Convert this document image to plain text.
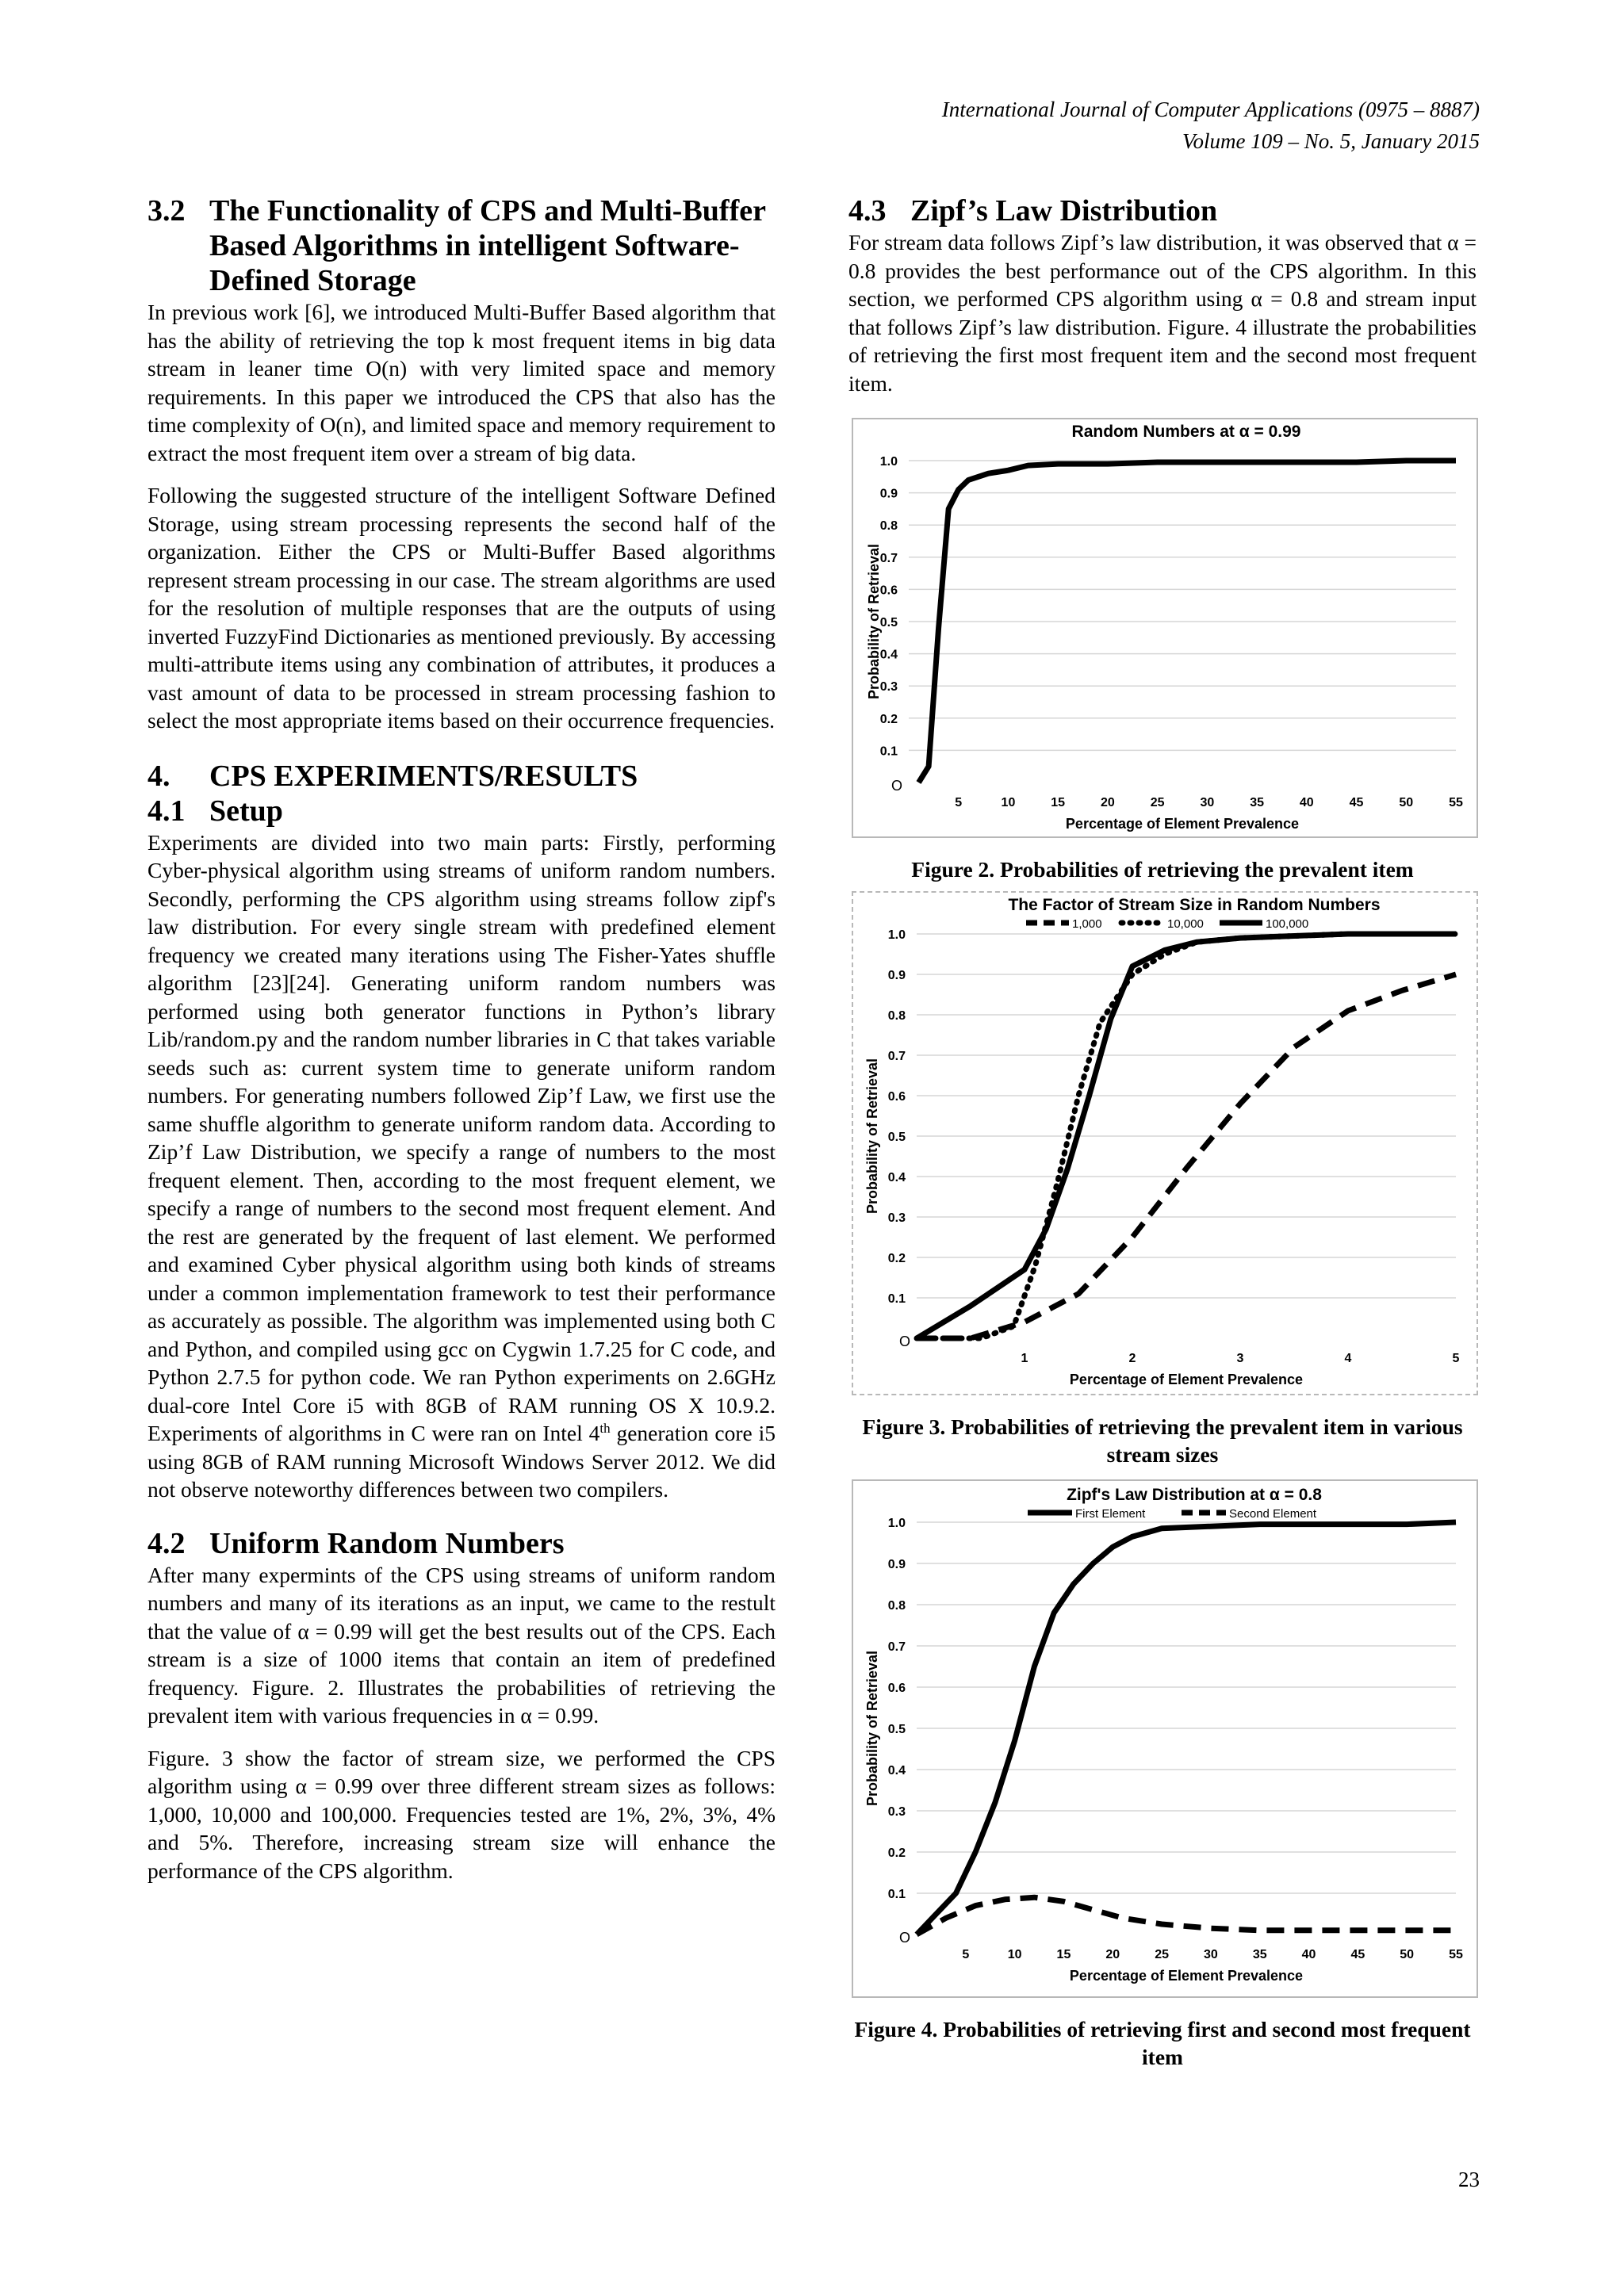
International Journal of Computer Applications (0975 – 8887)
Volume 109 – No. 5, January 2015
3.2 The Functionality of CPS and Multi-Buffer Based Algorithms in intelligent Software-Defined Storage

In previous work [6], we introduced Multi-Buffer Based algorithm that has the ability of retrieving the top k most frequent items in big data stream in leaner time O(n) with very limited space and memory requirements. In this paper we introduced the CPS that also has the time complexity of O(n), and limited space and memory requirement to extract the most frequent item over a stream of big data.

Following the suggested structure of the intelligent Software Defined Storage, using stream processing represents the second half of the organization. Either the CPS or Multi-Buffer Based algorithms represent stream processing in our case. The stream algorithms are used for the resolution of multiple responses that are the outputs of using inverted FuzzyFind Dictionaries as mentioned previously. By accessing multi-attribute items using any combination of attributes, it produces a vast amount of data to be processed in stream processing fashion to select the most appropriate items based on their occurrence frequencies.

4. CPS EXPERIMENTS/RESULTS
4.1 Setup

Experiments are divided into two main parts: Firstly, performing Cyber-physical algorithm using streams of uniform random numbers. Secondly, performing the CPS algorithm using streams follow zipf's law distribution. For every single stream with predefined element frequency we created many iterations using The Fisher-Yates shuffle algorithm [23][24]. Generating uniform random numbers was performed using both generator functions in Python’s library Lib/random.py and the random number libraries in C that takes variable seeds such as: current system time to generate uniform random numbers. For generating numbers followed Zip’f Law, we first use the same shuffle algorithm to generate uniform random data. According to Zip’f Law Distribution, we specify a range of numbers to the most frequent element. Then, according to the most frequent element, we specify a range of numbers to the second most frequent element. And the rest are generated by the frequent of last element. We performed and examined Cyber physical algorithm using both kinds of streams under a common implementation framework to test their performance as accurately as possible. The algorithm was implemented using both C and Python, and compiled using gcc on Cygwin 1.7.25 for C code, and Python 2.7.5 for python code. We ran Python experiments on 2.6GHz dual-core Intel Core i5 with 8GB of RAM running OS X 10.9.2. Experiments of algorithms in C were ran on Intel 4th generation core i5 using 8GB of RAM running Microsoft Windows Server 2012. We did not observe noteworthy differences between two compilers.

4.2 Uniform Random Numbers

After many expermints of the CPS using streams of uniform random numbers and many of its iterations as an input, we came to the restult that the value of α = 0.99 will get the best results out of the CPS. Each stream is a size of 1000 items that contain an item of predefined frequency. Figure. 2. Illustrates the probabilities of retrieving the prevalent item with various frequencies in α = 0.99.

Figure. 3 show the factor of stream size, we performed the CPS algorithm using α = 0.99 over three different stream sizes as follows: 1,000, 10,000 and 100,000. Frequencies tested are 1%, 2%, 3%, 4% and 5%. Therefore, increasing stream size will enhance the performance of the CPS algorithm.

4.3 Zipf’s Law Distribution

For stream data follows Zipf’s law distribution, it was observed that α = 0.8 provides the best performance out of the CPS algorithm. In this section, we performed CPS algorithm using α = 0.8 and stream input that follows Zipf’s law distribution. Figure. 4 illustrate the probabilities of retrieving the first most frequent item and the second most frequent item.

0.1
0.2
0.3
0.4
0.5
0.6
0.7
0.8
0.9
1.0
5	10	15	20	25	30	35	40	45	50	55
O
Random Numbers at α = 0.99
Percentage of Element Prevalence
Probability of Retrieval
Figure 2. Probabilities of retrieving the prevalent item
0.1
0.2
0.3
0.4
0.5
0.6
0.7
0.8
0.9
1.0
1	2	3	4	5
O
The Factor of Stream Size in Random Numbers
Percentage of Element Prevalence
Probability of Retrieval
1,000	10,000	100,000
Figure 3. Probabilities of retrieving the prevalent item in various stream sizes
0.1
0.2
0.3
0.4
0.5
0.6
0.7
0.8
0.9
1.0
5	10	15	20	25	30	35	40	45	50	55
O
Zipf's Law Distribution at α = 0.8
Percentage of Element Prevalence
Probability of Retrieval
First Element	Second Element
Figure 4. Probabilities of retrieving first and second most frequent item
23
